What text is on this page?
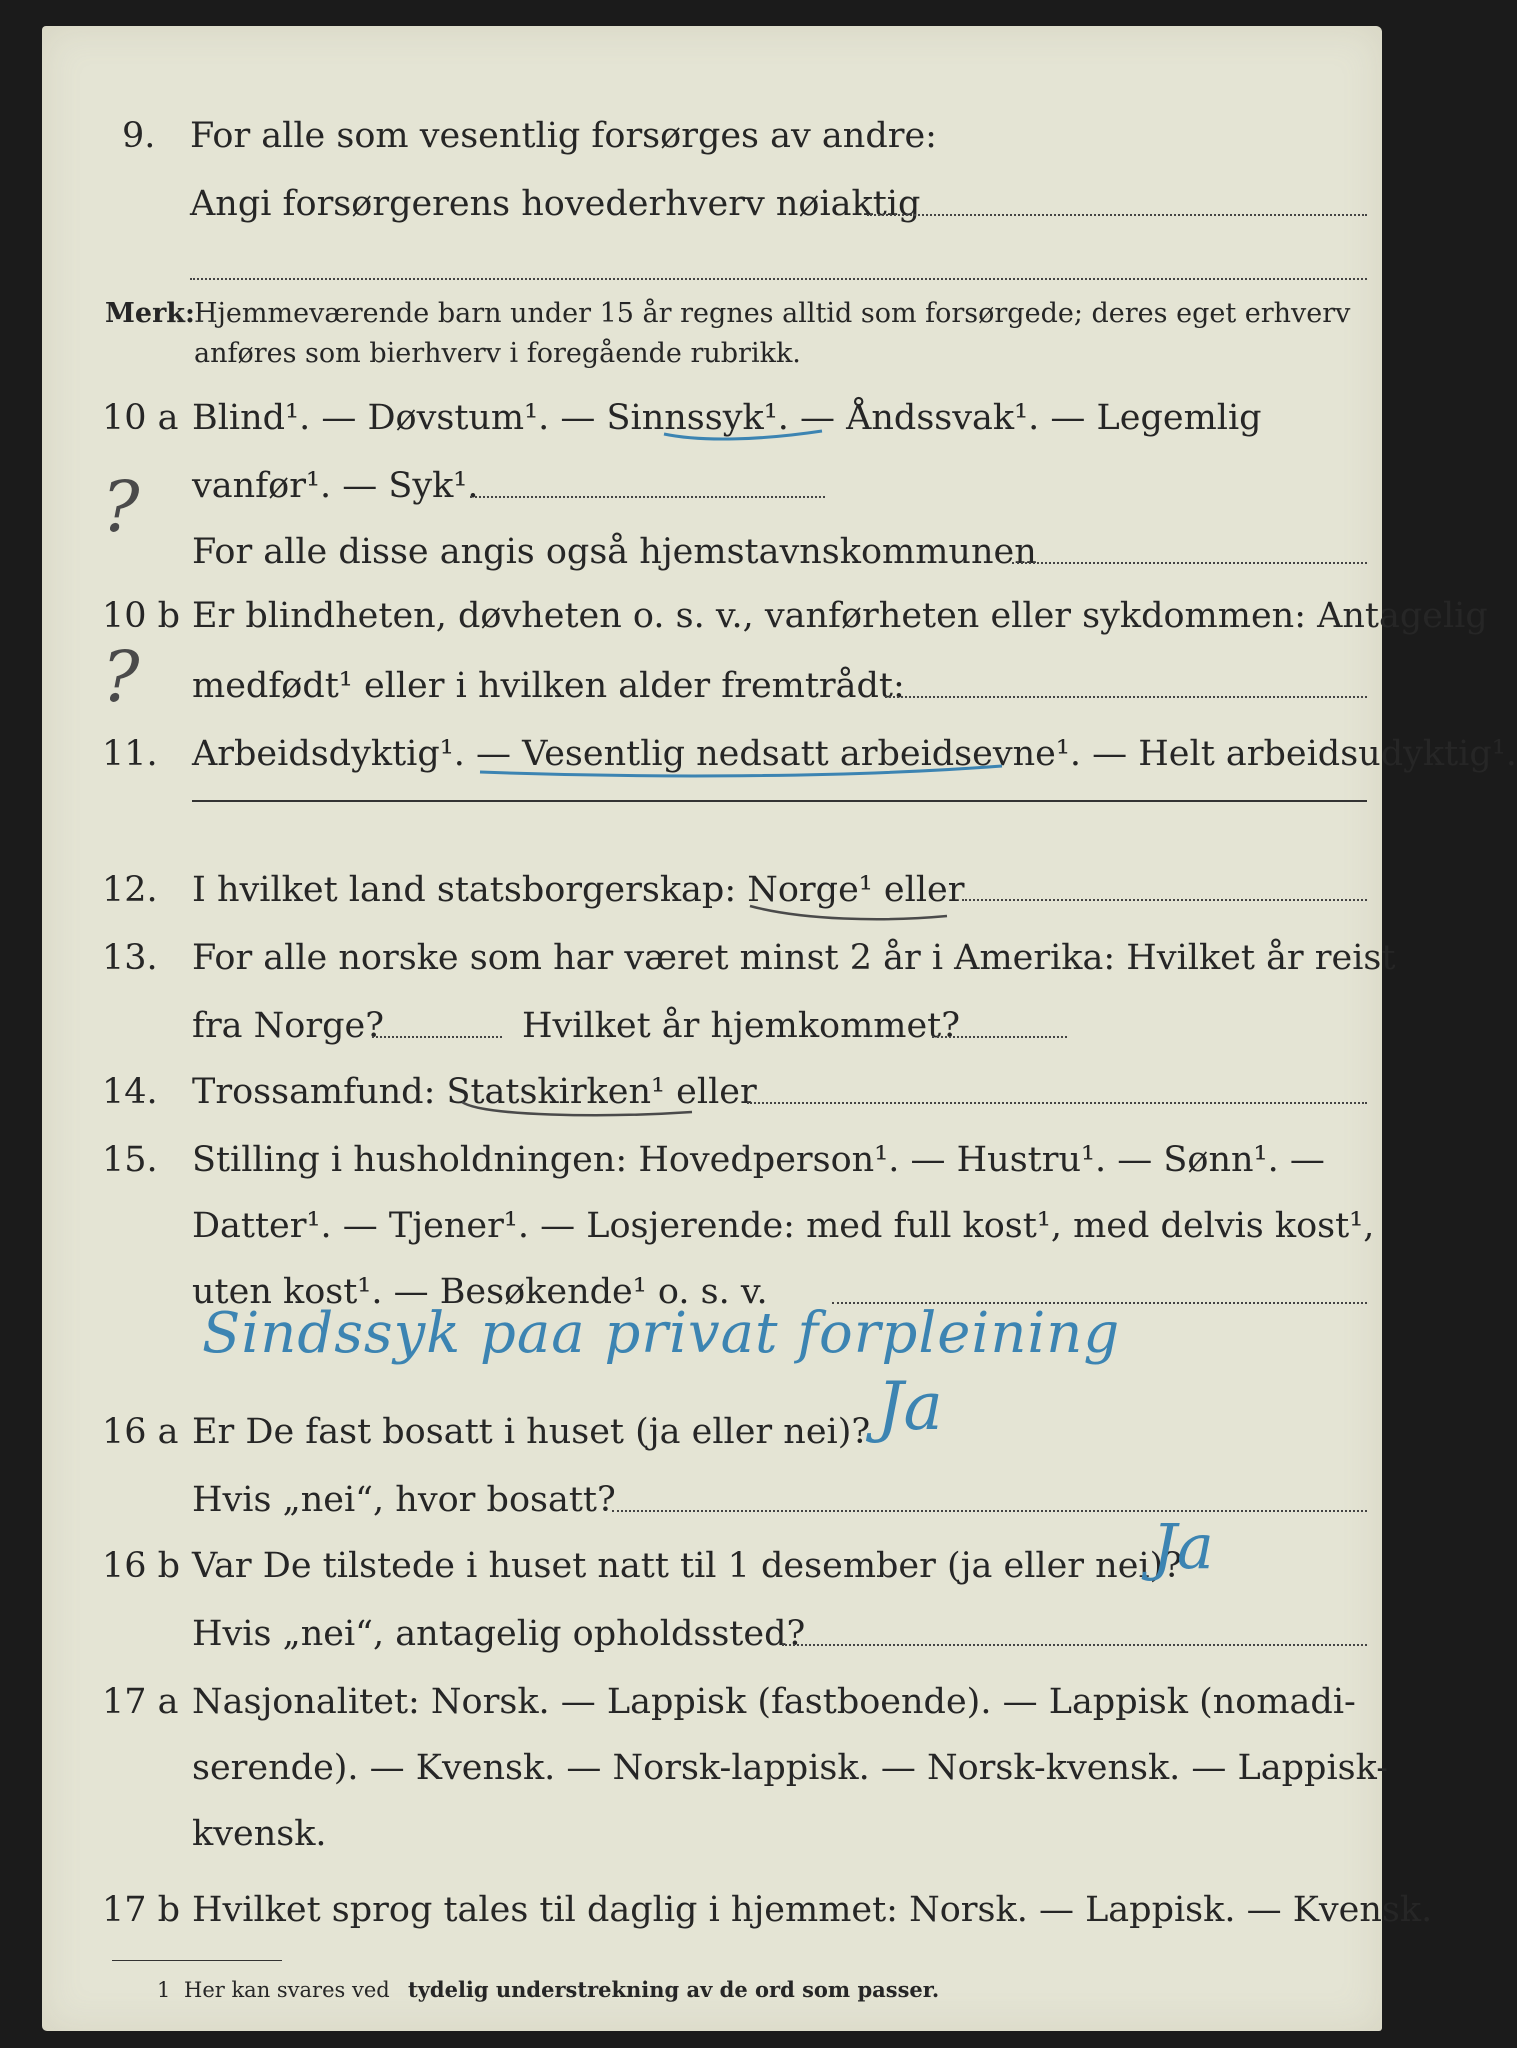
9. For alle som vesentlig forsørges av andre:
Angi forsørgerens hovederhverv nøiaktig
Merk: Hjemmeværende barn under 15 år regnes alltid som forsørgede; deres eget erhverv
anføres som bierhverv i foregående rubrikk.
10 a Blind¹. — Døvstum¹. — Sinnssyk¹. — Åndssvak¹. — Legemlig
vanfør¹. — Syk¹.
For alle disse angis også hjemstavnskommunen
10 b Er blindheten, døvheten o. s. v., vanførheten eller sykdommen: Antagelig
medfødt¹ eller i hvilken alder fremtrådt:
11. Arbeidsdyktig¹. — Vesentlig nedsatt arbeidsevne¹. — Helt arbeidsudyktig¹.
12. I hvilket land statsborgerskap: Norge¹ eller
13. For alle norske som har været minst 2 år i Amerika: Hvilket år reist
fra Norge?	Hvilket år hjemkommet?
14. Trossamfund: Statskirken¹ eller
15. Stilling i husholdningen: Hovedperson¹. — Hustru¹. — Sønn¹. —
Datter¹. — Tjener¹. — Losjerende: med full kost¹, med delvis kost¹,
uten kost¹. — Besøkende¹ o. s. v.
16 a Er De fast bosatt i huset (ja eller nei)?
Hvis „nei“, hvor bosatt?
16 b Var De tilstede i huset natt til 1 desember (ja eller nei)?
Hvis „nei“, antagelig opholdssted?
17 a Nasjonalitet: Norsk. — Lappisk (fastboende). — Lappisk (nomadi-
serende). — Kvensk. — Norsk-lappisk. — Norsk-kvensk. — Lappisk-
kvensk.
17 b Hvilket sprog tales til daglig i hjemmet: Norsk. — Lappisk. — Kvensk.
1 Her kan svares ved tydelig understrekning av de ord som passer.
?
?
Sindssyk paa privat forpleining
Ja
Ja
